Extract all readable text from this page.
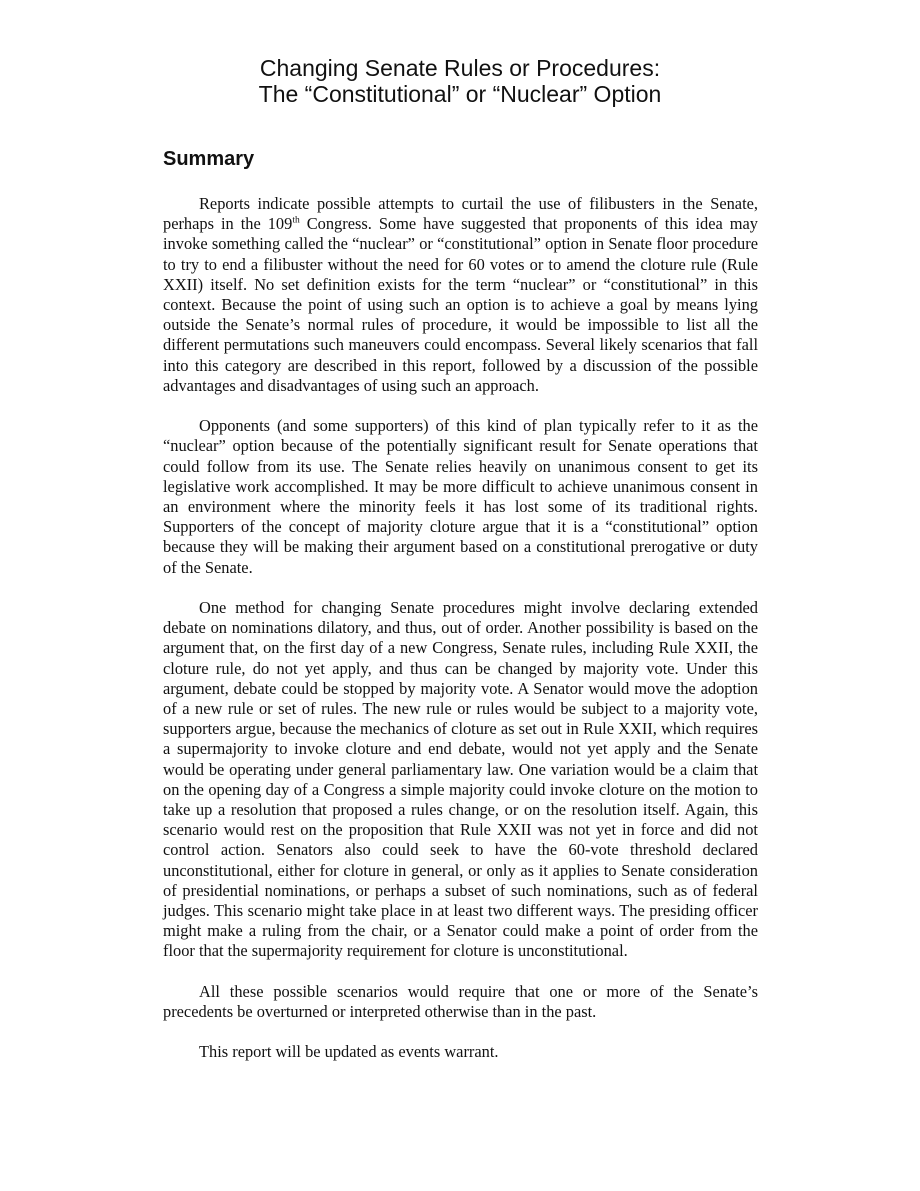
Changing Senate Rules or Procedures:
The “Constitutional” or “Nuclear” Option
Summary

Reports indicate possible attempts to curtail the use of filibusters in the Senate, perhaps in the 109th Congress. Some have suggested that proponents of this idea may invoke something called the “nuclear” or “constitutional” option in Senate floor procedure to try to end a filibuster without the need for 60 votes or to amend the cloture rule (Rule XXII) itself. No set definition exists for the term “nuclear” or “constitutional” in this context. Because the point of using such an option is to achieve a goal by means lying outside the Senate’s normal rules of procedure, it would be impossible to list all the different permutations such maneuvers could encompass. Several likely scenarios that fall into this category are described in this report, followed by a discussion of the possible advantages and disadvantages of using such an approach.

Opponents (and some supporters) of this kind of plan typically refer to it as the “nuclear” option because of the potentially significant result for Senate operations that could follow from its use. The Senate relies heavily on unanimous consent to get its legislative work accomplished. It may be more difficult to achieve unanimous consent in an environment where the minority feels it has lost some of its traditional rights. Supporters of the concept of majority cloture argue that it is a “constitutional” option because they will be making their argument based on a constitutional prerogative or duty of the Senate.

One method for changing Senate procedures might involve declaring extended debate on nominations dilatory, and thus, out of order. Another possibility is based on the argument that, on the first day of a new Congress, Senate rules, including Rule XXII, the cloture rule, do not yet apply, and thus can be changed by majority vote. Under this argument, debate could be stopped by majority vote. A Senator would move the adoption of a new rule or set of rules. The new rule or rules would be subject to a majority vote, supporters argue, because the mechanics of cloture as set out in Rule XXII, which requires a supermajority to invoke cloture and end debate, would not yet apply and the Senate would be operating under general parliamentary law. One variation would be a claim that on the opening day of a Congress a simple majority could invoke cloture on the motion to take up a resolution that proposed a rules change, or on the resolution itself. Again, this scenario would rest on the proposition that Rule XXII was not yet in force and did not control action. Senators also could seek to have the 60-vote threshold declared unconstitutional, either for cloture in general, or only as it applies to Senate consideration of presidential nominations, or perhaps a subset of such nominations, such as of federal judges. This scenario might take place in at least two different ways. The presiding officer might make a ruling from the chair, or a Senator could make a point of order from the floor that the supermajority requirement for cloture is unconstitutional.

All these possible scenarios would require that one or more of the Senate’s precedents be overturned or interpreted otherwise than in the past.

This report will be updated as events warrant.
